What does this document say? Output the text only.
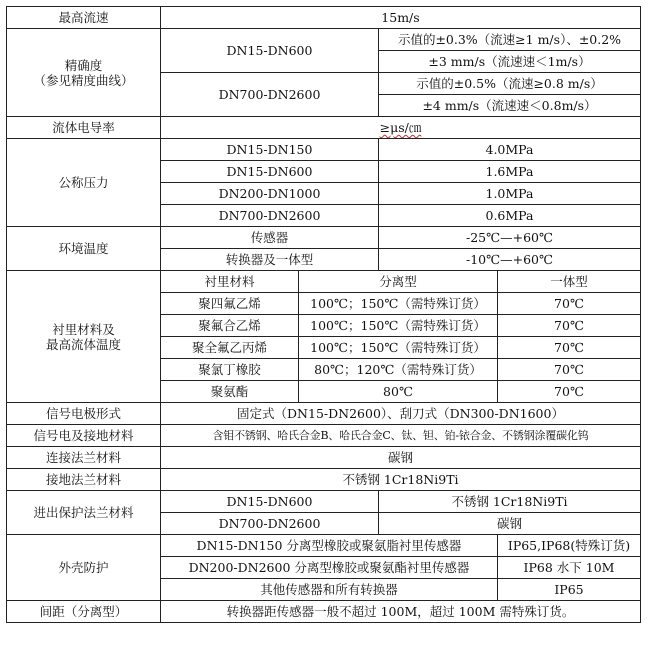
最高流速	15m/s			

精确度
（参见精度曲线）	DN15-DN600		示值的±0.3%（流速≥1 m/s）、±0.2%	
			±3 mm/s（流速速＜1m/s）	
	DN700-DN2600		示值的±0.5%（流速≥0.8 m/s）	
			±4 mm/s（流速速＜0.8m/s）	
流体电导率	≥μs/㎝			
公称压力	DN15-DN150		4.0MPa	
	DN15-DN600		1.6MPa	
	DN200-DN1000		1.0MPa	
	DN700-DN2600		0.6MPa	
环境温度	传感器		-25℃—+60℃	
	转换器及一体型		-10℃—+60℃	

衬里材料及
最高流体温度	衬里材料	分离型		一体型
	聚四氟乙烯	100℃；150℃（需特殊订货）		70℃
	聚氟合乙烯	100℃；150℃（需特殊订货）		70℃
	聚全氟乙丙烯	100℃；150℃（需特殊订货）		70℃
	聚氯丁橡胶	80℃；120℃（需特殊订货）		70℃
	聚氨酯	80℃		70℃
信号电极形式	固定式（DN15-DN2600）、刮刀式（DN300-DN1600）			
信号电及接地材料	含钼不锈钢、哈氏合金B、哈氏合金C、钛、钽、铂-铱合金、不锈钢涂覆碳化钨			
连接法兰材料	碳钢			
接地法兰材料	不锈钢 1Cr18Ni9Ti			
进出保护法兰材料	DN15-DN600		不锈钢 1Cr18Ni9Ti	
	DN700-DN2600		碳钢	
外壳防护	DN15-DN150 分离型橡胶或聚氨脂衬里传感器			IP65,IP68(特殊订货)
	DN200-DN2600 分离型橡胶或聚氨酯衬里传感器			IP68 水下 10M
	其他传感器和所有转换器			IP65
间距（分离型）	转换器距传感器一般不超过 100M，超过 100M 需特殊订货。			
